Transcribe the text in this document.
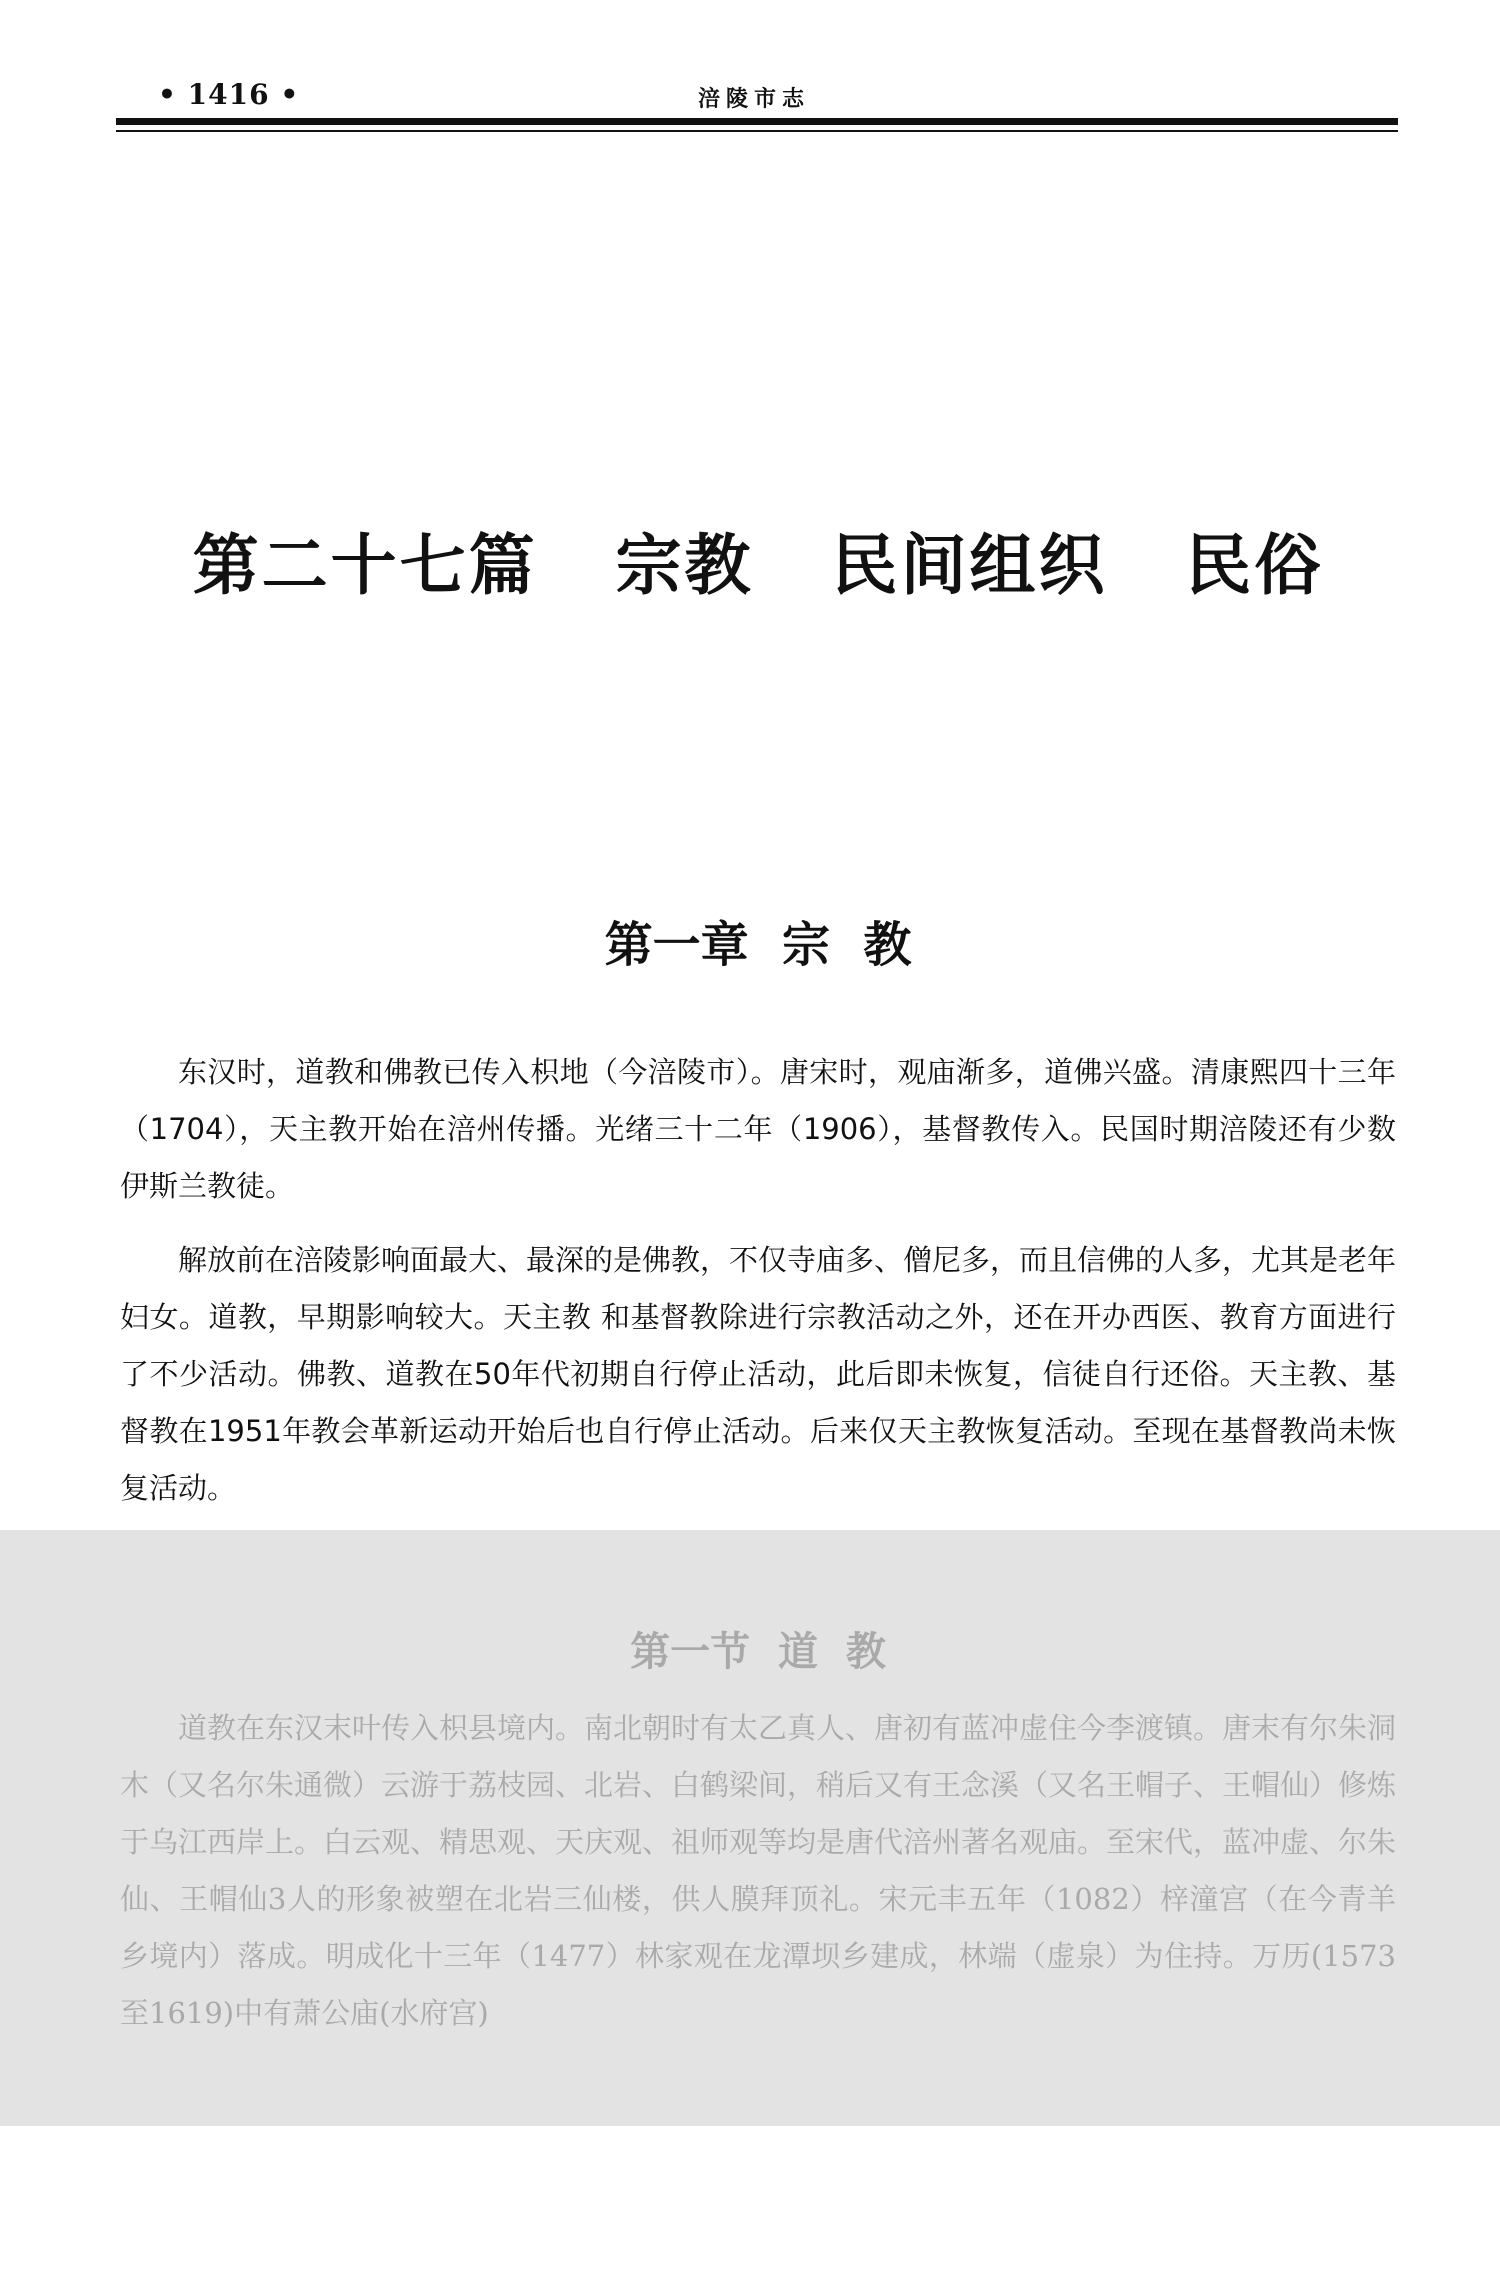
• 1416 •	涪陵市志
第二十七篇   宗教   民间组织   民俗
第一章  宗  教

东汉时，道教和佛教已传入枳地（今涪陵市）。唐宋时，观庙渐多，道佛兴盛。清康熙四十三年（1704），天主教开始在涪州传播。光绪三十二年（1906），基督教传入。民国时期涪陵还有少数伊斯兰教徒。

解放前在涪陵影响面最大、最深的是佛教，不仅寺庙多、僧尼多，而且信佛的人多，尤其是老年妇女。道教，早期影响较大。天主教 和基督教除进行宗教活动之外，还在开办西医、教育方面进行了不少活动。佛教、道教在50年代初期自行停止活动，此后即未恢复，信徒自行还俗。天主教、基督教在1951年教会革新运动开始后也自行停止活动。后来仅天主教恢复活动。至现在基督教尚未恢复活动。

第一节  道  教

道教在东汉末叶传入枳县境内。南北朝时有太乙真人、唐初有蓝冲虚住今李渡镇。唐末有尔朱洞木（又名尔朱通微）云游于荔枝园、北岩、白鹤梁间，稍后又有王念溪（又名王帽子、王帽仙）修炼于乌江西岸上。白云观、精思观、天庆观、祖师观等均是唐代涪州著名观庙。至宋代，蓝冲虚、尔朱仙、王帽仙3人的形象被塑在北岩三仙楼，供人膜拜顶礼。宋元丰五年（1082）梓潼宫（在今青羊乡境内）落成。明成化十三年（1477）林家观在龙潭坝乡建成，林端（虚泉）为住持。万历(1573至1619)中有萧公庙(水府宫)
